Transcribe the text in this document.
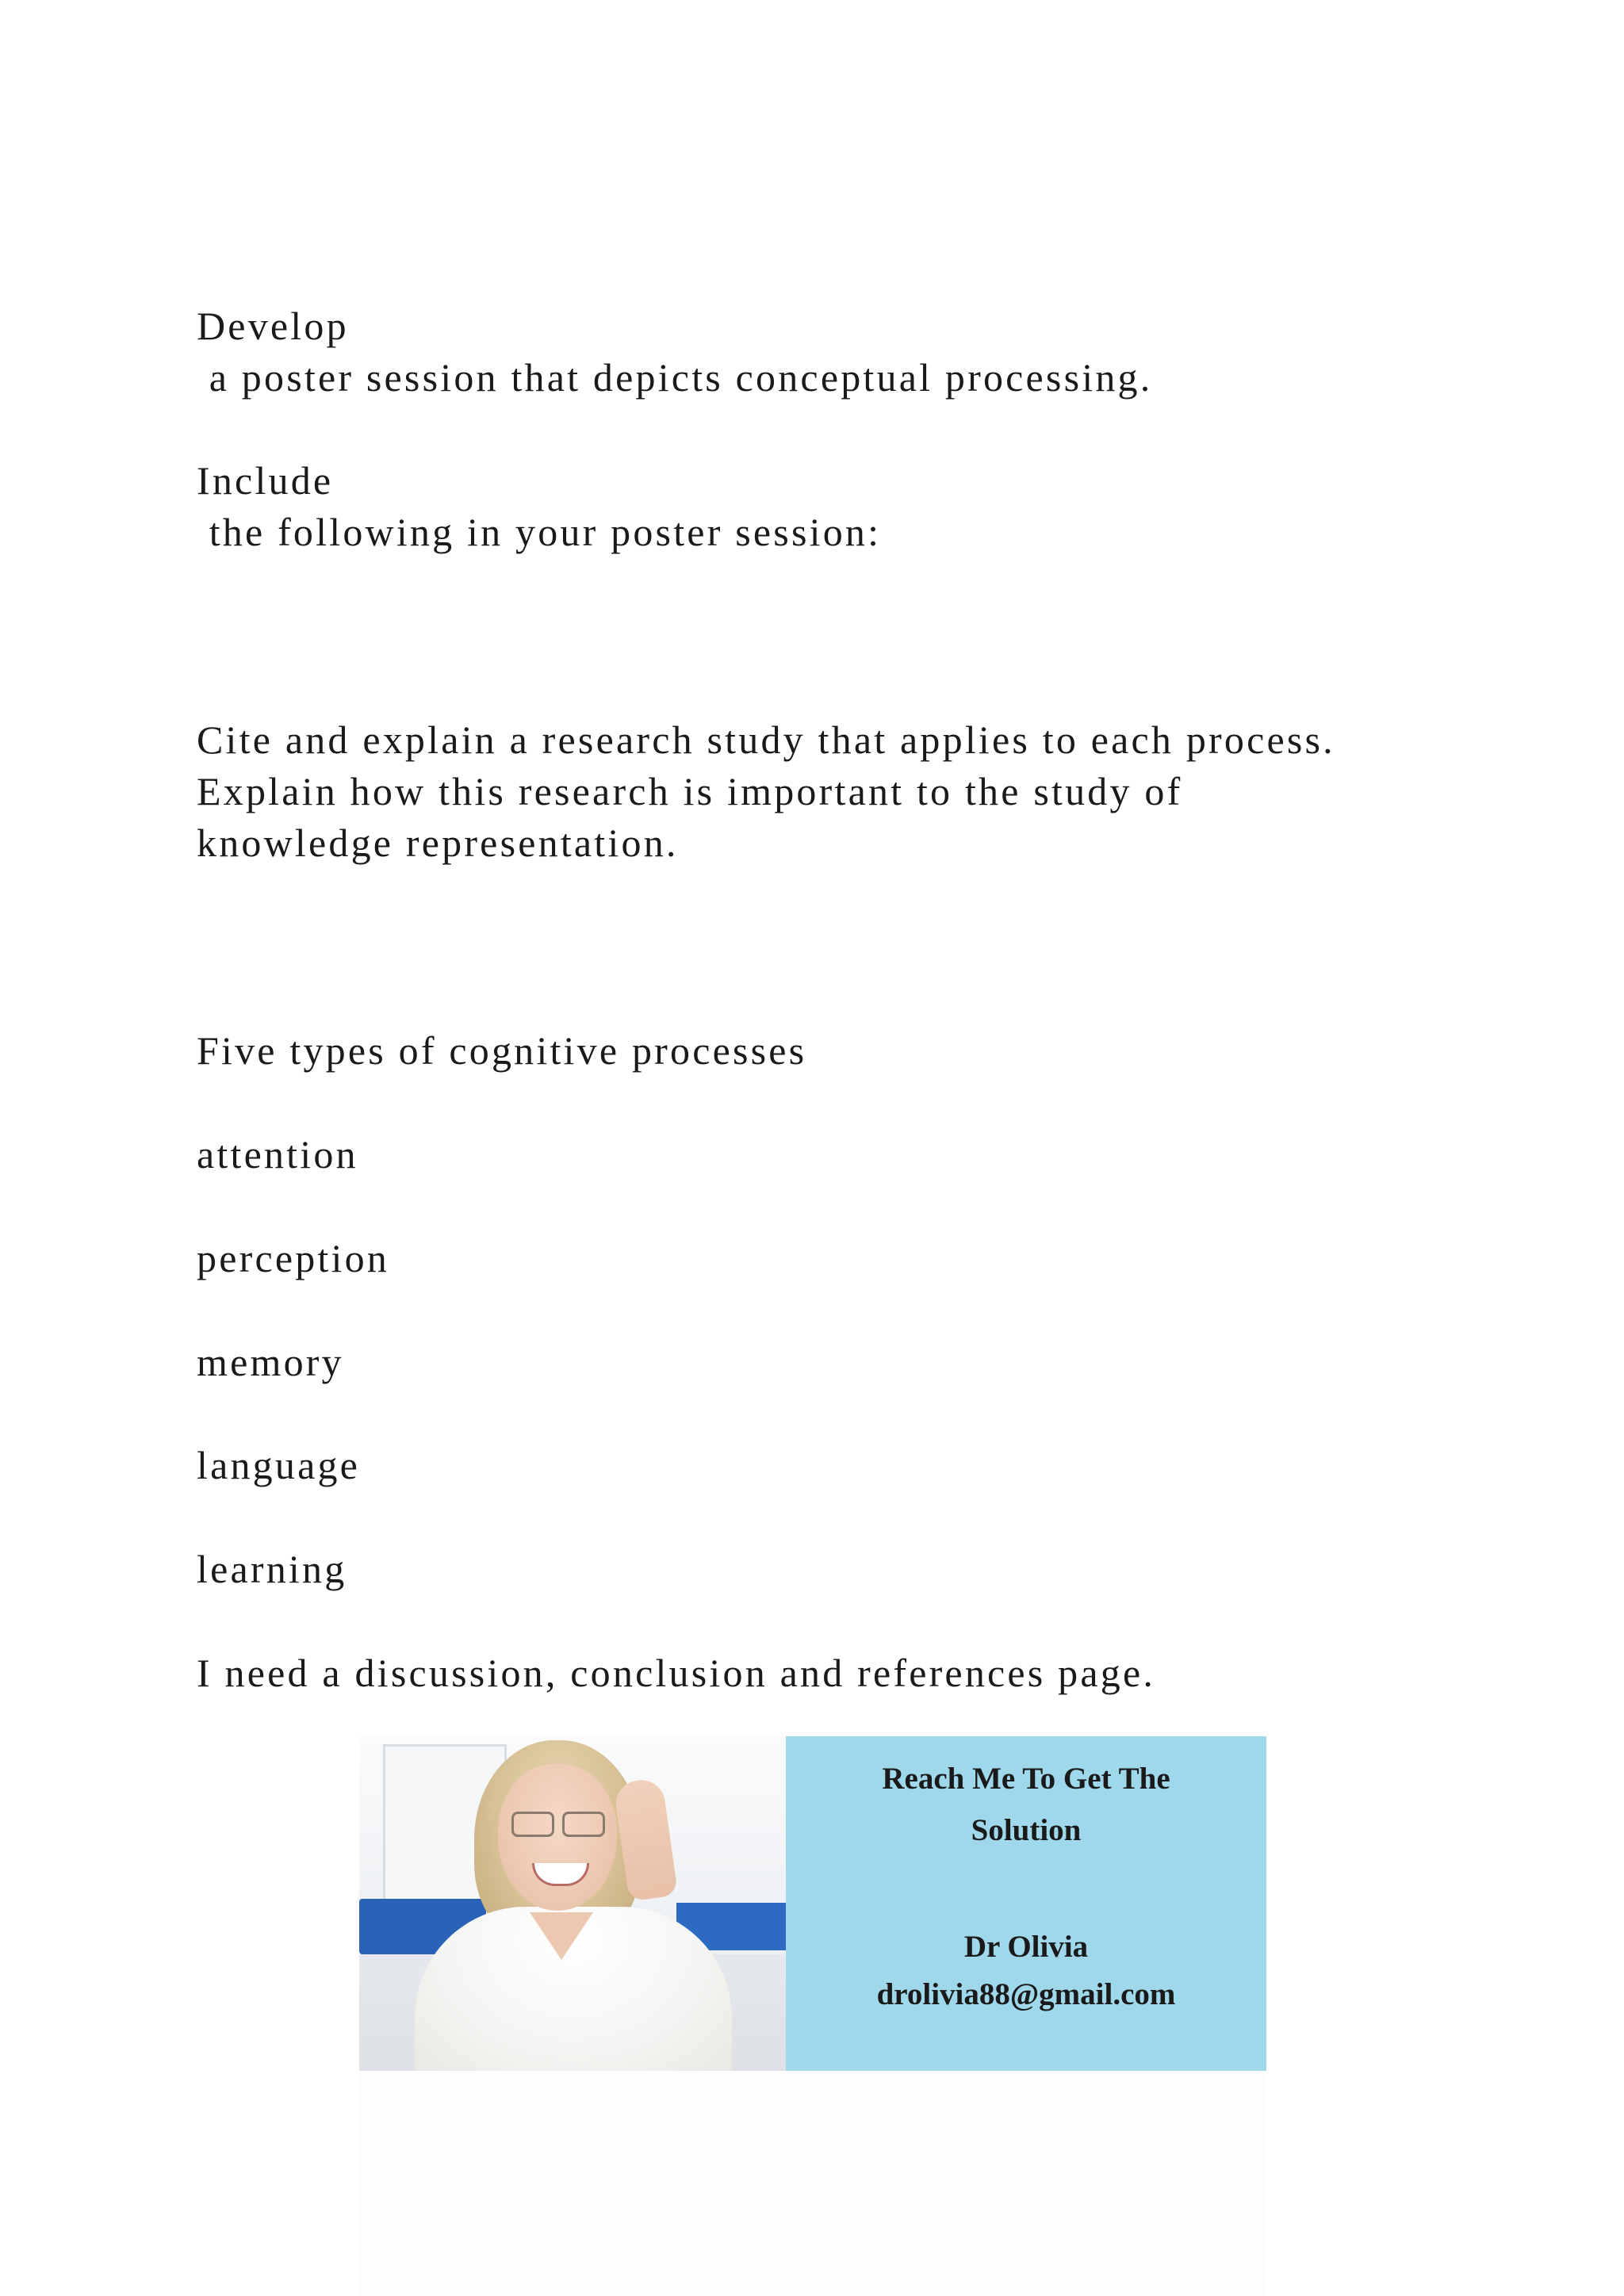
Develop
a poster session that depicts conceptual processing.
Include
the following in your poster session:
Cite and explain a research study that applies to each process.
Explain how this research is important to the study of
knowledge representation.
Five types of cognitive processes
attention
perception
memory
language
learning
I need a discussion, conclusion and references page.
Reach Me To Get The
Solution
Dr Olivia
drolivia88@gmail.com
